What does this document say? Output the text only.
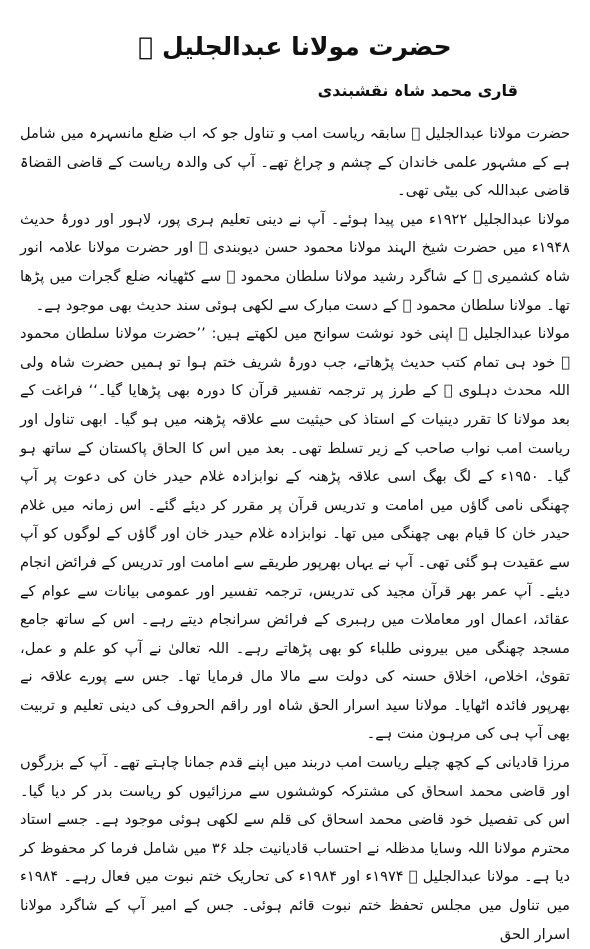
حضرت مولانا عبدالجلیل ﷫
قاری محمد شاہ نقشبندی

حضرت مولانا عبدالجلیل ﷫ سابقہ ریاست امب و تناول جو کہ اب ضلع مانسہرہ میں شامل ہے کے مشہور علمی خاندان کے چشم و چراغ تھے۔ آپ کی والدہ ریاست کے قاضی القضاۃ قاضی عبداللہ کی بیٹی تھی۔

مولانا عبدالجلیل ۱۹۲۲ء میں پیدا ہوئے۔ آپ نے دینی تعلیم ہری پور، لاہور اور دورۂ حدیث ۱۹۴۸ء میں حضرت شیخ الہند مولانا محمود حسن دیوبندی ﷫ اور حضرت مولانا علامہ انور شاہ کشمیری ﷫ کے شاگرد رشید مولانا سلطان محمود ﷫ سے کٹھیانہ ضلع گجرات میں پڑھا تھا۔ مولانا سلطان محمود ﷫ کے دست مبارک سے لکھی ہوئی سند حدیث بھی موجود ہے۔

مولانا عبدالجلیل ﷫ اپنی خود نوشت سوانح میں لکھتے ہیں: ’’حضرت مولانا سلطان محمود ﷫ خود ہی تمام کتب حدیث پڑھاتے، جب دورۂ شریف ختم ہوا تو ہمیں حضرت شاہ ولی اللہ محدث دہلوی ﷫ کے طرز پر ترجمہ تفسیر قرآن کا دورہ بھی پڑھایا گیا۔‘‘ فراغت کے بعد مولانا کا تقرر دینیات کے استاذ کی حیثیت سے علاقہ پڑھنہ میں ہو گیا۔ ابھی تناول اور ریاست امب نواب صاحب کے زیر تسلط تھی۔ بعد میں اس کا الحاق پاکستان کے ساتھ ہو گیا۔ ۱۹۵۰ء کے لگ بھگ اسی علاقہ پڑھنہ کے نوابزادہ غلام حیدر خان کی دعوت پر آپ چھنگی نامی گاؤں میں امامت و تدریس قرآن پر مقرر کر دیئے گئے۔ اس زمانہ میں غلام حیدر خان کا قیام بھی چھنگی میں تھا۔ نوابزادہ غلام حیدر خان اور گاؤں کے لوگوں کو آپ سے عقیدت ہو گئی تھی۔ آپ نے یہاں بھرپور طریقے سے امامت اور تدریس کے فرائض انجام دیئے۔ آپ عمر بھر قرآن مجید کی تدریس، ترجمہ تفسیر اور عمومی بیانات سے عوام کے عقائد، اعمال اور معاملات میں رہبری کے فرائض سرانجام دیتے رہے۔ اس کے ساتھ جامع مسجد چھنگی میں بیرونی طلباء کو بھی پڑھاتے رہے۔ اللہ تعالیٰ نے آپ کو علم و عمل، تقویٰ، اخلاص، اخلاق حسنہ کی دولت سے مالا مال فرمایا تھا۔ جس سے پورے علاقہ نے بھرپور فائدہ اٹھایا۔ مولانا سید اسرار الحق شاہ اور راقم الحروف کی دینی تعلیم و تربیت بھی آپ ہی کی مرہون منت ہے۔

مرزا قادیانی کے کچھ چیلے ریاست امب دربند میں اپنے قدم جمانا چاہتے تھے۔ آپ کے بزرگوں اور قاضی محمد اسحاق کی مشترکہ کوششوں سے مرزائیوں کو ریاست بدر کر دیا گیا۔ اس کی تفصیل خود قاضی محمد اسحاق کی قلم سے لکھی ہوئی موجود ہے۔ جسے استاد محترم مولانا اللہ وسایا مدظلہ نے احتساب قادیانیت جلد ۳۶ میں شامل فرما کر محفوظ کر دیا ہے۔ مولانا عبدالجلیل ﷫ ۱۹۷۴ء اور ۱۹۸۴ء کی تحاریک ختم نبوت میں فعال رہے۔ ۱۹۸۴ء میں تناول میں مجلس تحفظ ختم نبوت قائم ہوئی۔ جس کے امیر آپ کے شاگرد مولانا اسرار الحق
